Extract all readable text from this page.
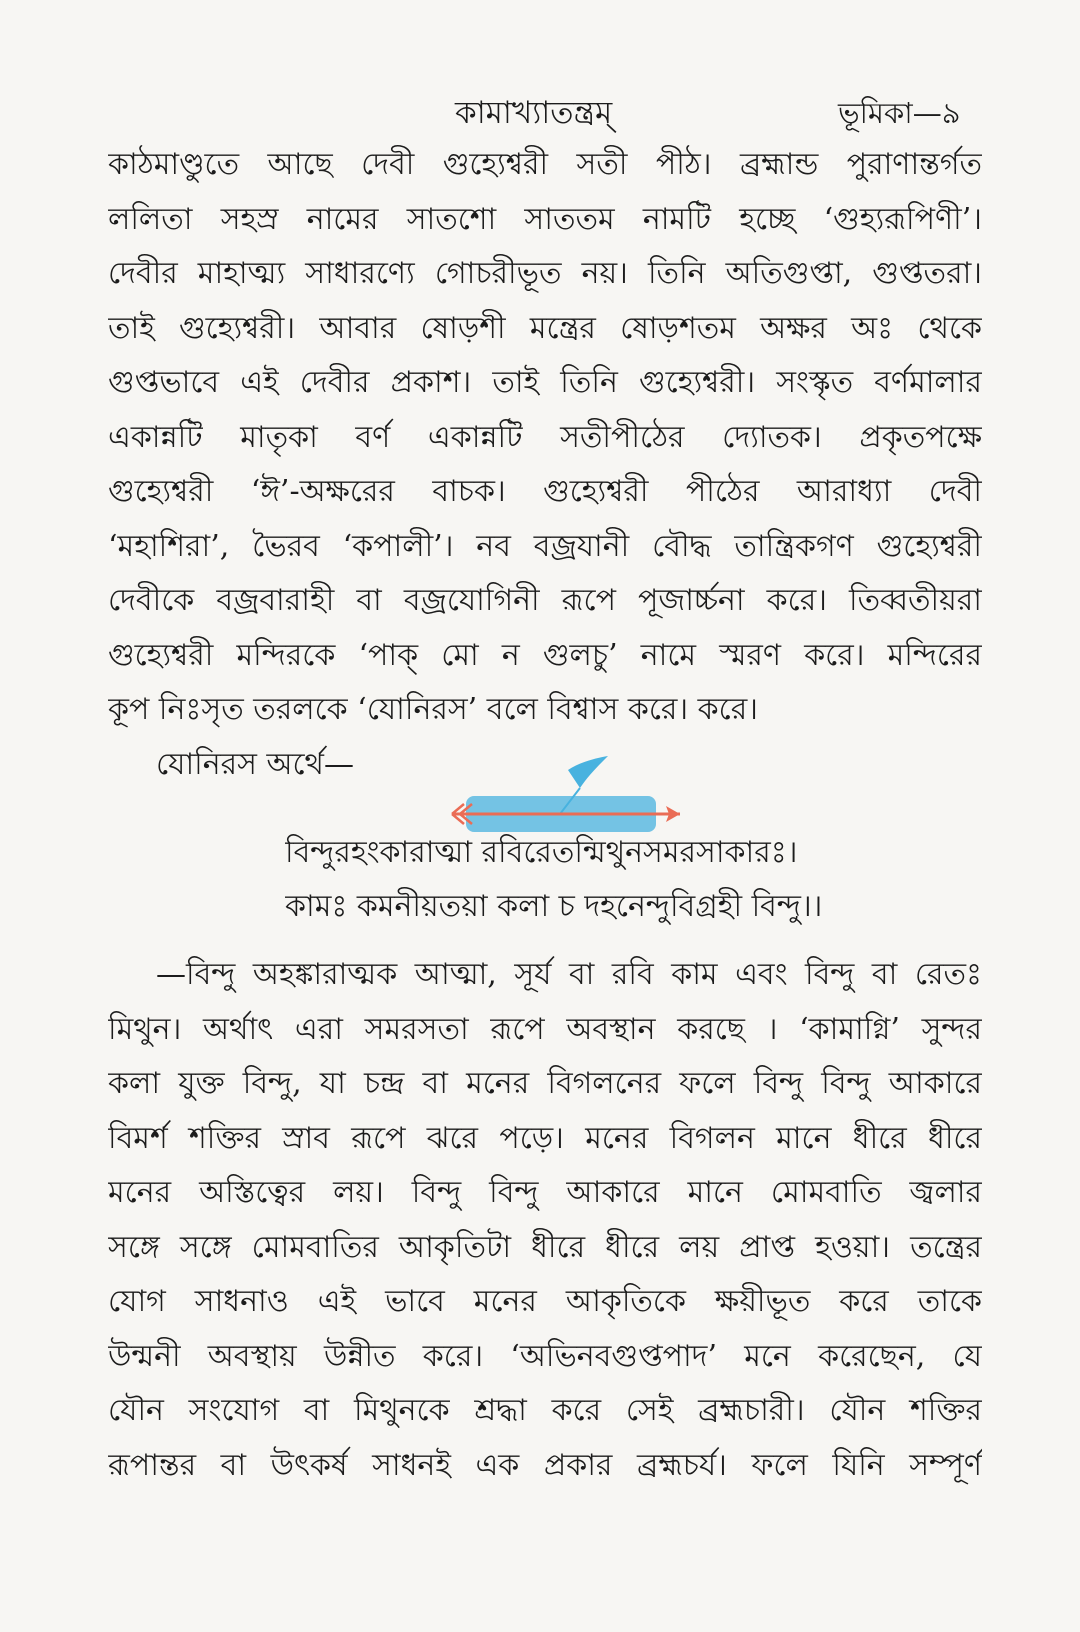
কামাখ্যাতন্ত্রম্	ভূমিকা—৯
কাঠমাণ্ডুতে আছে দেবী গুহ্যেশ্বরী সতী পীঠ। ব্রহ্মান্ড পুরাণান্তর্গত
ললিতা সহস্র নামের সাতশো সাততম নামটি হচ্ছে ‘গুহ্যরূপিণী’।
দেবীর মাহাত্ম্য সাধারণ্যে গোচরীভূত নয়। তিনি অতিগুপ্তা, গুপ্ততরা।
তাই গুহ্যেশ্বরী। আবার ষোড়শী মন্ত্রের ষোড়শতম অক্ষর অঃ থেকে
গুপ্তভাবে এই দেবীর প্রকাশ। তাই তিনি গুহ্যেশ্বরী। সংস্কৃত বর্ণমালার
একান্নটি মাতৃকা বর্ণ একান্নটি সতীপীঠের দ্যোতক। প্রকৃতপক্ষে
গুহ্যেশ্বরী ‘ঈ’-অক্ষরের বাচক। গুহ্যেশ্বরী পীঠের আরাধ্যা দেবী
‘মহাশিরা’, ভৈরব ‘কপালী’। নব বজ্রযানী বৌদ্ধ তান্ত্রিকগণ গুহ্যেশ্বরী
দেবীকে বজ্রবারাহী বা বজ্রযোগিনী রূপে পূজার্চ্চনা করে। তিব্বতীয়রা
গুহ্যেশ্বরী মন্দিরকে ‘পাক্ মো ন গুলচু’ নামে স্মরণ করে। মন্দিরের
কূপ নিঃসৃত তরলকে ‘যোনিরস’ বলে বিশ্বাস করে। করে।
যোনিরস অর্থে—
বিন্দুরহংকারাত্মা রবিরেতন্মিথুনসমরসাকারঃ।
কামঃ কমনীয়তয়া কলা চ দহনেন্দুবিগ্রহী বিন্দু।।
—বিন্দু অহঙ্কারাত্মক আত্মা, সূর্য বা রবি কাম এবং বিন্দু বা রেতঃ
মিথুন। অর্থাৎ এরা সমরসতা রূপে অবস্থান করছে । ‘কামাগ্নি’ সুন্দর
কলা যুক্ত বিন্দু, যা চন্দ্র বা মনের বিগলনের ফলে বিন্দু বিন্দু আকারে
বিমর্শ শক্তির স্রাব রূপে ঝরে পড়ে। মনের বিগলন মানে ধীরে ধীরে
মনের অস্তিত্বের লয়। বিন্দু বিন্দু আকারে মানে মোমবাতি জ্বলার
সঙ্গে সঙ্গে মোমবাতির আকৃতিটা ধীরে ধীরে লয় প্রাপ্ত হওয়া। তন্ত্রের
যোগ সাধনাও এই ভাবে মনের আকৃতিকে ক্ষয়ীভূত করে তাকে
উন্মনী অবস্থায় উন্নীত করে। ‘অভিনবগুপ্তপাদ’ মনে করেছেন, যে
যৌন সংযোগ বা মিথুনকে শ্রদ্ধা করে সেই ব্রহ্মচারী। যৌন শক্তির
রূপান্তর বা উৎকর্ষ সাধনই এক প্রকার ব্রহ্মচর্য। ফলে যিনি সম্পূর্ণ
